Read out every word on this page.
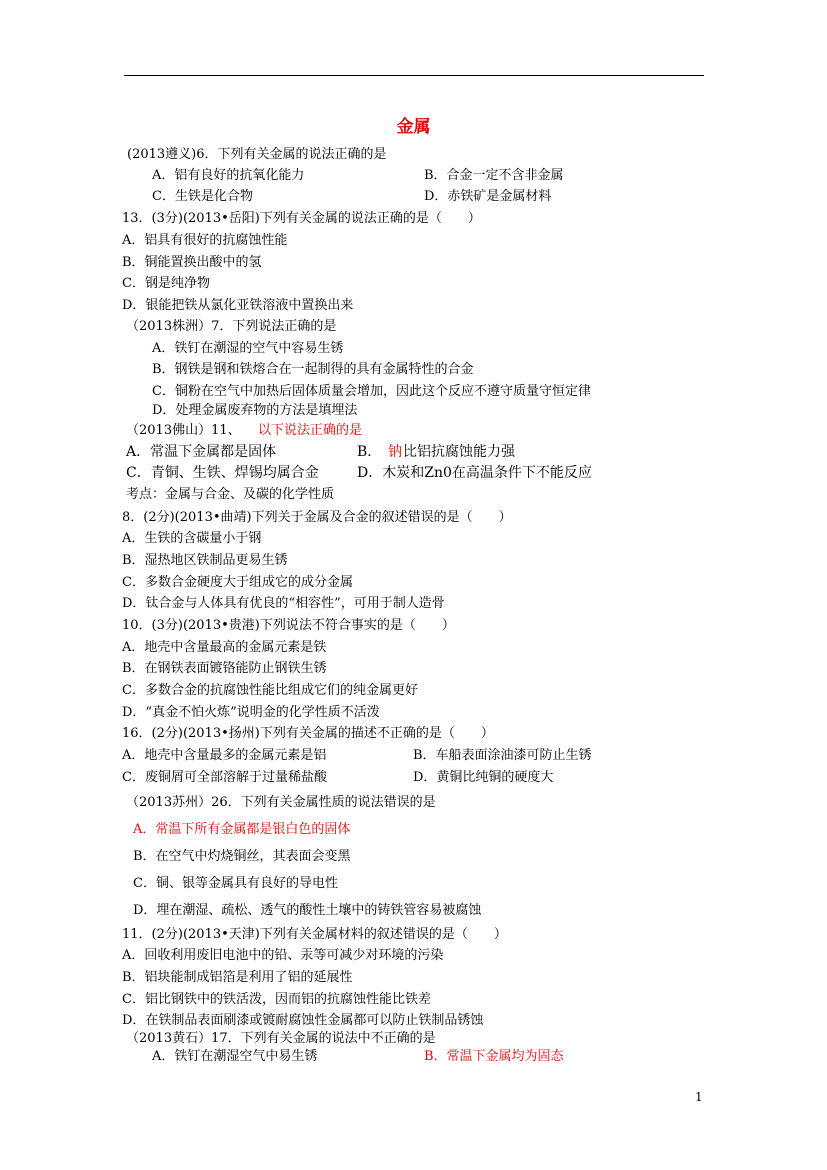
金属
(2013遵义)6．下列有关金属的说法正确的是
A．铝有良好的抗氧化能力	B．合金一定不含非金属
C．生铁是化合物	D．赤铁矿是金属材料
13．(3分)(2013•岳阳)下列有关金属的说法正确的是（　　）
A．铝具有很好的抗腐蚀性能
B．铜能置换出酸中的氢
C．钢是纯净物
D．银能把铁从氯化亚铁溶液中置换出来
（2013株洲）7．下列说法正确的是
A．铁钉在潮湿的空气中容易生锈
B．钢铁是钢和铁熔合在一起制得的具有金属特性的合金
C．铜粉在空气中加热后固体质量会增加，因此这个反应不遵守质量守恒定律
D．处理金属废弃物的方法是填埋法
（2013佛山）11、 以下说法正确的是
A．常温下金属都是固体	B． 钠 比铝抗腐蚀能力强
C．青铜、生铁、焊锡均属合金	D．木炭和Zn0在高温条件下不能反应
考点：金属与合金、及碳的化学性质
8．(2分)(2013•曲靖)下列关于金属及合金的叙述错误的是（　　）
A．生铁的含碳量小于钢
B．湿热地区铁制品更易生锈
C．多数合金硬度大于组成它的成分金属
D．钛合金与人体具有优良的“相容性”，可用于制人造骨
10．(3分)(2013•贵港)下列说法不符合事实的是（　　）
A．地壳中含量最高的金属元素是铁
B．在钢铁表面镀铬能防止钢铁生锈
C．多数合金的抗腐蚀性能比组成它们的纯金属更好
D．“真金不怕火炼”说明金的化学性质不活泼
16．(2分)(2013•扬州)下列有关金属的描述不正确的是（　　）
A．地壳中含量最多的金属元素是铝	B．车船表面涂油漆可防止生锈
C．废铜屑可全部溶解于过量稀盐酸	D．黄铜比纯铜的硬度大
（2013苏州）26．下列有关金属性质的说法错误的是
A．常温下所有金属都是银白色的固体
B．在空气中灼烧铜丝，其表面会变黑
C．铜、银等金属具有良好的导电性
D．埋在潮湿、疏松、透气的酸性土壤中的铸铁管容易被腐蚀
11．(2分)(2013•天津)下列有关金属材料的叙述错误的是（　　）
A．回收利用废旧电池中的铅、汞等可减少对环境的污染
B．铝块能制成铝箔是利用了铝的延展性
C．铝比钢铁中的铁活泼，因而铝的抗腐蚀性能比铁差
D．在铁制品表面刷漆或镀耐腐蚀性金属都可以防止铁制品锈蚀
（2013黄石）17．下列有关金属的说法中不正确的是
A．铁钉在潮湿空气中易生锈	B．常温下金属均为固态
1
